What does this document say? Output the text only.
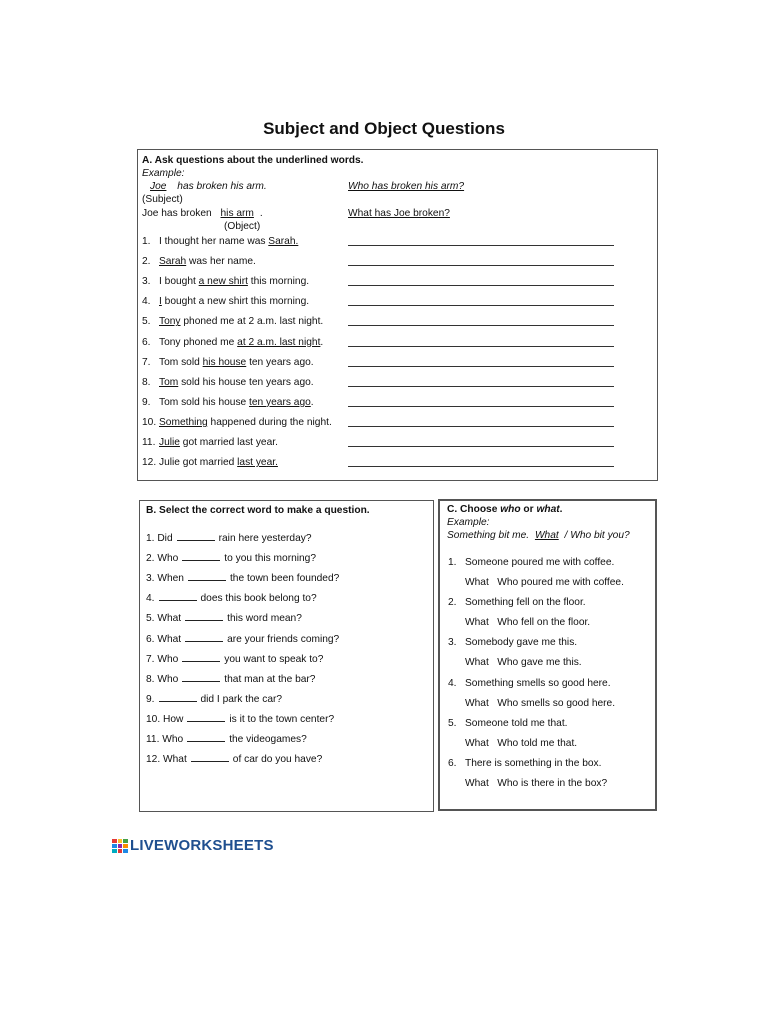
Subject and Object Questions
A. Ask questions about the underlined words.
Example:
Joe has broken his arm.	Who has broken his arm?
(Subject)
Joe has broken his arm .	What has Joe broken?
(Object)
1. I thought her name was Sarah.
2. Sarah was her name.
3. I bought a new shirt this morning.
4. I bought a new shirt this morning.
5. Tony phoned me at 2 a.m. last night.
6. Tony phoned me at 2 a.m. last night.
7. Tom sold his house ten years ago.
8. Tom sold his house ten years ago.
9. Tom sold his house ten years ago.
10. Something happened during the night.
11. Julie got married last year.
12. Julie got married last year.
B. Select the correct word to make a question.
1. Did	rain here yesterday?
2. Who	to you this morning?
3. When	the town been founded?
4.	does this book belong to?
5. What	this word mean?
6. What	are your friends coming?
7. Who	you want to speak to?
8. Who	that man at the bar?
9.	did I park the car?
10. How	is it to the town center?
11. Who	the videogames?
12. What	of car do you have?
C. Choose who or what.
Example:
Something bit me. What / Who bit you?
1. Someone poured me with coffee.
What   Who poured me with coffee.
2. Something fell on the floor.
What   Who fell on the floor.
3. Somebody gave me this.
What   Who gave me this.
4. Something smells so good here.
What   Who smells so good here.
5. Someone told me that.
What   Who told me that.
6. There is something in the box.
What   Who is there in the box?
LIVEWORKSHEETS
